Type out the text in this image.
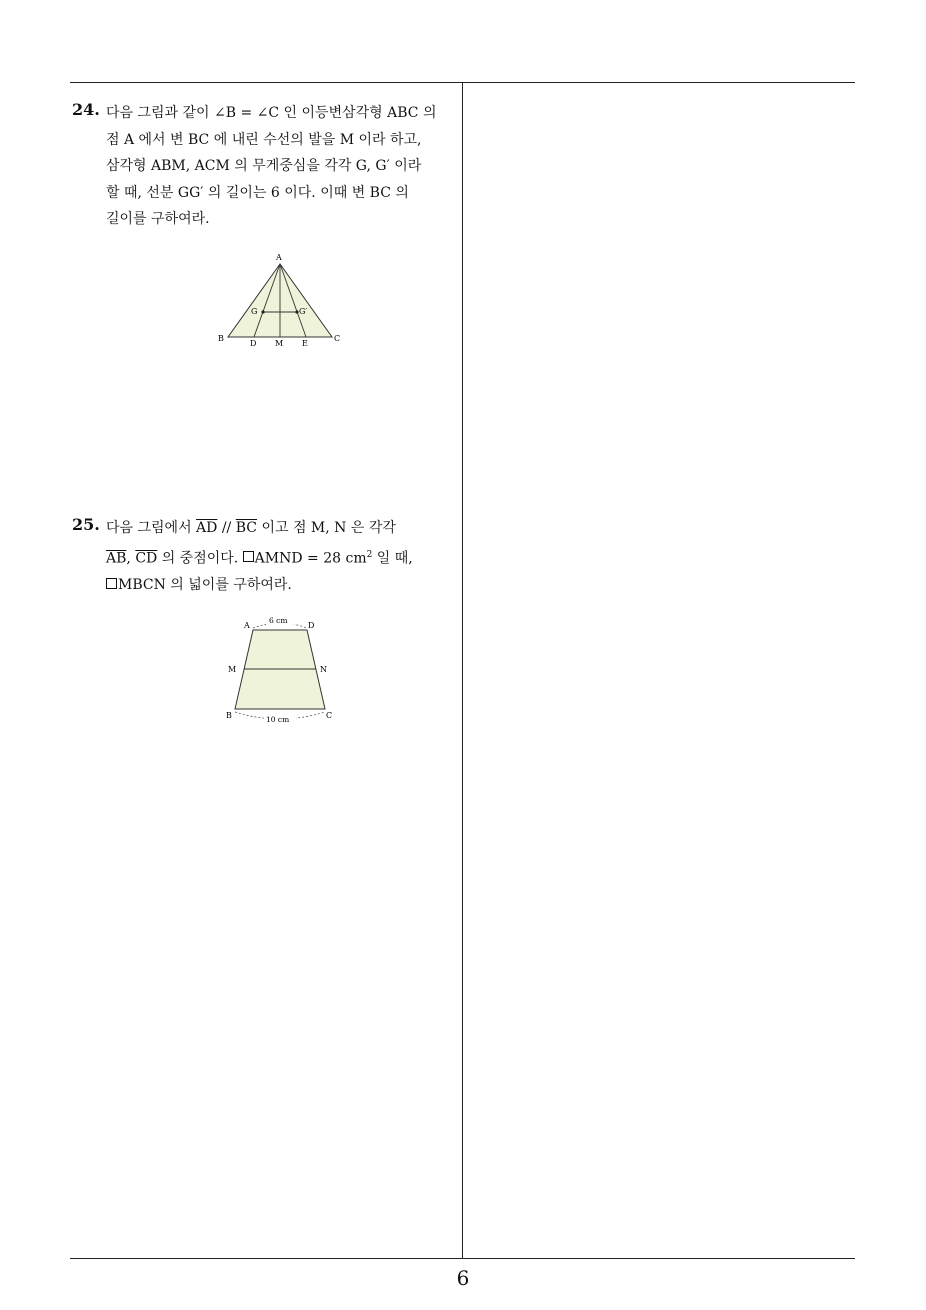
6
24. 다음 그림과 같이 ∠B = ∠C 인 이등변삼각형 ABC 의
점 A 에서 변 BC 에 내린 수선의 발을 M 이라 하고,
삼각형 ABM, ACM 의 무게중심을 각각 G, G′ 이라
할 때, 선분 GG′ 의 길이는 6 이다. 이때 변 BC 의
길이를 구하여라.
A
B	C
D M E
G	G′
25. 다음 그림에서 $\overline{AD} // \overline{BC}$ 이고 점 M, N 은 각각
$\overline{AB}$, $\overline{CD}$ 의 중점이다. AMND = 28 $cm^2$ 일 때,
MBCN 의 넓이를 구하여라.
6 cm
10 cm
A	D
M	N
B	C
